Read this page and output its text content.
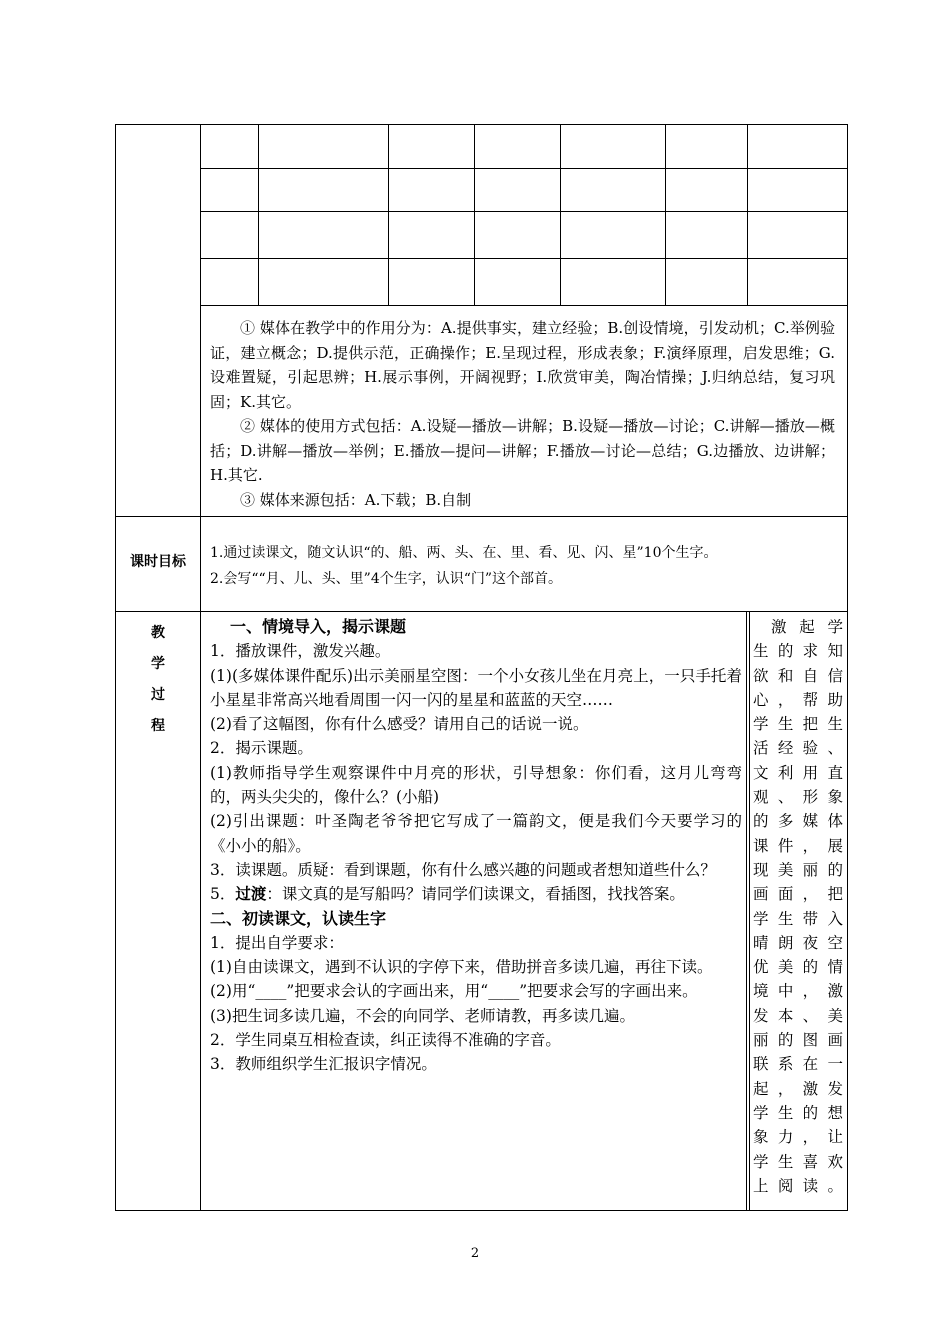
① 媒体在教学中的作用分为：A.提供事实，建立经验；B.创设情境，引发动机；C.举例验证，建立概念；D.提供示范，正确操作；E.呈现过程，形成表象；F.演绎原理，启发思维；G.设难置疑，引起思辨；H.展示事例，开阔视野；I.欣赏审美，陶冶情操；J.归纳总结，复习巩固；K.其它。

② 媒体的使用方式包括：A.设疑—播放—讲解；B.设疑—播放—讨论；C.讲解—播放—概括；D.讲解—播放—举例；E.播放—提问—讲解；F.播放—讨论—总结；G.边播放、边讲解；H.其它.

③ 媒体来源包括：A.下载；B.自制

课时目标
1.通过读课文，随文认识“的、船、两、头、在、里、看、见、闪、星”10个生字。
2.会写““月、儿、头、里”4个生字，认识“门”这个部首。
教
学
过
程
一、情境导入，揭示课题
1．播放课件，激发兴趣。
(1)(多媒体课件配乐)出示美丽星空图：一个小女孩儿坐在月亮上，一只手托着小星星非常高兴地看周围一闪一闪的星星和蓝蓝的天空……
(2)看了这幅图，你有什么感受？请用自己的话说一说。
2．揭示课题。
(1)教师指导学生观察课件中月亮的形状，引导想象：你们看，这月儿弯弯的，两头尖尖的，像什么？(小船)
(2)引出课题：叶圣陶老爷爷把它写成了一篇韵文，便是我们今天要学习的《小小的船》。
3．读课题。质疑：看到课题，你有什么感兴趣的问题或者想知道些什么？
5．过渡：课文真的是写船吗？请同学们读课文，看插图，找找答案。
二、初读课文，认读生字
1．提出自学要求：
(1)自由读课文，遇到不认识的字停下来，借助拼音多读几遍，再往下读。
(2)用“____”把要求会认的字画出来，用“____”把要求会写的字画出来。
(3)把生词多读几遍，不会的向同学、老师请教，再多读几遍。
2．学生同桌互相检查读，纠正读得不准确的字音。
3．教师组织学生汇报识字情况。
激起学
生的求知
欲和自信
心，帮助
学生把生
活经验、
文利用直
观、形象
的多媒体
课件，展
现美丽的
画面，把
学生带入
晴朗夜空
优美的情
境中，激
发本、美
丽的图画
联系在一
起，激发
学生的想
象力，让
学生喜欢
上阅读。
2
